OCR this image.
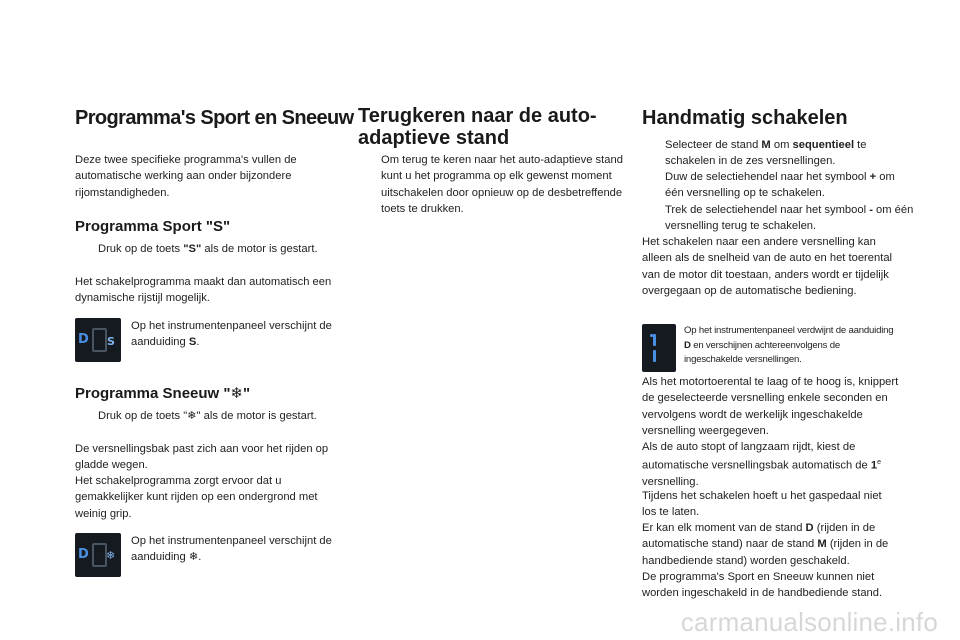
Programma's Sport en Sneeuw

Deze twee specifieke programma's vullen de automatische werking aan onder bijzondere rijomstandigheden.

Programma Sport "S"
Druk op de toets "S" als de motor is gestart.

Het schakelprogramma maakt dan automatisch een dynamische rijstijl mogelijk.

D S
Op het instrumentenpaneel verschijnt de aanduiding S.
Programma Sneeuw "❄"
Druk op de toets "❄" als de motor is gestart.

De versnellingsbak past zich aan voor het rijden op gladde wegen.

Het schakelprogramma zorgt ervoor dat u gemakkelijker kunt rijden op een ondergrond met weinig grip.

D ❄
Op het instrumentenpaneel verschijnt de aanduiding ❄.
Terugkeren naar de auto-adaptieve stand
Om terug te keren naar het auto-adaptieve stand kunt u het programma op elk gewenst moment uitschakelen door opnieuw op de desbetreffende toets te drukken.
Handmatig schakelen
Selecteer de stand M om sequentieel te schakelen in de zes versnellingen.
Duw de selectiehendel naar het symbool + om één versnelling op te schakelen.
Trek de selectiehendel naar het symbool - om één versnelling terug te schakelen.

Het schakelen naar een andere versnelling kan alleen als de snelheid van de auto en het toerental van de motor dit toestaan, anders wordt er tijdelijk overgegaan op de automatische bediening.

Op het instrumentenpaneel verdwijnt de aanduiding D en verschijnen achtereenvolgens de ingeschakelde versnellingen.

Als het motortoerental te laag of te hoog is, knippert de geselecteerde versnelling enkele seconden en vervolgens wordt de werkelijk ingeschakelde versnelling weergegeven.

Als de auto stopt of langzaam rijdt, kiest de automatische versnellingsbak automatisch de 1e versnelling.

Tijdens het schakelen hoeft u het gaspedaal niet los te laten.

Er kan elk moment van de stand D (rijden in de automatische stand) naar de stand M (rijden in de handbediende stand) worden geschakeld.

De programma's Sport en Sneeuw kunnen niet worden ingeschakeld in de handbediende stand.

carmanualsonline.info
